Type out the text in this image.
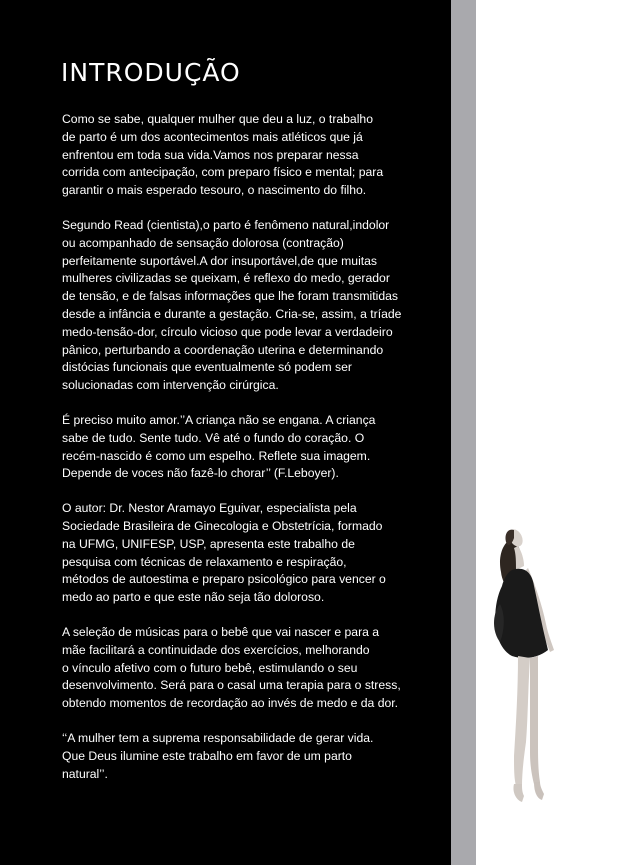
INTRODUÇÃO

Como se sabe, qualquer mulher que deu a luz, o trabalho
de parto é um dos acontecimentos mais atléticos que já
enfrentou em toda sua vida.Vamos nos preparar nessa
corrida com antecipação, com preparo físico e mental; para
garantir o mais esperado tesouro, o nascimento do filho.

Segundo Read (cientista),o parto é fenômeno natural,indolor
ou acompanhado de sensação dolorosa (contração)
perfeitamente suportável.A dor insuportável,de que muitas
mulheres civilizadas se queixam, é reflexo do medo, gerador
de tensão, e de falsas informações que lhe foram transmitidas
desde a infância e durante a gestação. Cria-se, assim, a tríade
medo-tensão-dor, círculo vicioso que pode levar a verdadeiro
pânico, perturbando a coordenação uterina e determinando
distócias funcionais que eventualmente só podem ser
solucionadas com intervenção cirúrgica.

É preciso muito amor.’’A criança não se engana. A criança
sabe de tudo. Sente tudo. Vê até o fundo do coração. O
recém-nascido é como um espelho. Reflete sua imagem.
Depende de voces não fazê-lo chorar’’ (F.Leboyer).

O autor: Dr. Nestor Aramayo Eguivar, especialista pela
Sociedade Brasileira de Ginecologia e Obstetrícia, formado
na UFMG, UNIFESP, USP, apresenta este trabalho de
pesquisa com técnicas de relaxamento e respiração,
métodos de autoestima e preparo psicológico para vencer o
medo ao parto e que este não seja tão doloroso.

A seleção de músicas para o bebê que vai nascer e para a
mãe facilitará a continuidade dos exercícios, melhorando
o vínculo afetivo com o futuro bebê, estimulando o seu
desenvolvimento. Será para o casal uma terapia para o stress,
obtendo momentos de recordação ao invés de medo e da dor.

‘‘A mulher tem a suprema responsabilidade de gerar vida.
Que Deus ilumine este trabalho em favor de um parto
natural’’.

O AUTOR
